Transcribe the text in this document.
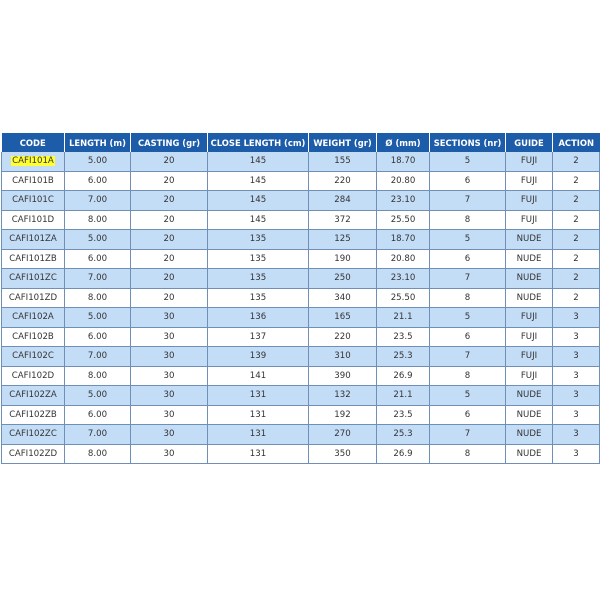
CODE	LENGTH (m)	CASTING (gr)	CLOSE LENGTH (cm)	WEIGHT (gr)	Ø (mm)	SECTIONS (nr)	GUIDE	ACTION
CAFI101A	5.00	20	145	155	18.70	5	FUJI	2
CAFI101B	6.00	20	145	220	20.80	6	FUJI	2
CAFI101C	7.00	20	145	284	23.10	7	FUJI	2
CAFI101D	8.00	20	145	372	25.50	8	FUJI	2
CAFI101ZA	5.00	20	135	125	18.70	5	NUDE	2
CAFI101ZB	6.00	20	135	190	20.80	6	NUDE	2
CAFI101ZC	7.00	20	135	250	23.10	7	NUDE	2
CAFI101ZD	8.00	20	135	340	25.50	8	NUDE	2
CAFI102A	5.00	30	136	165	21.1	5	FUJI	3
CAFI102B	6.00	30	137	220	23.5	6	FUJI	3
CAFI102C	7.00	30	139	310	25.3	7	FUJI	3
CAFI102D	8.00	30	141	390	26.9	8	FUJI	3
CAFI102ZA	5.00	30	131	132	21.1	5	NUDE	3
CAFI102ZB	6.00	30	131	192	23.5	6	NUDE	3
CAFI102ZC	7.00	30	131	270	25.3	7	NUDE	3
CAFI102ZD	8.00	30	131	350	26.9	8	NUDE	3
